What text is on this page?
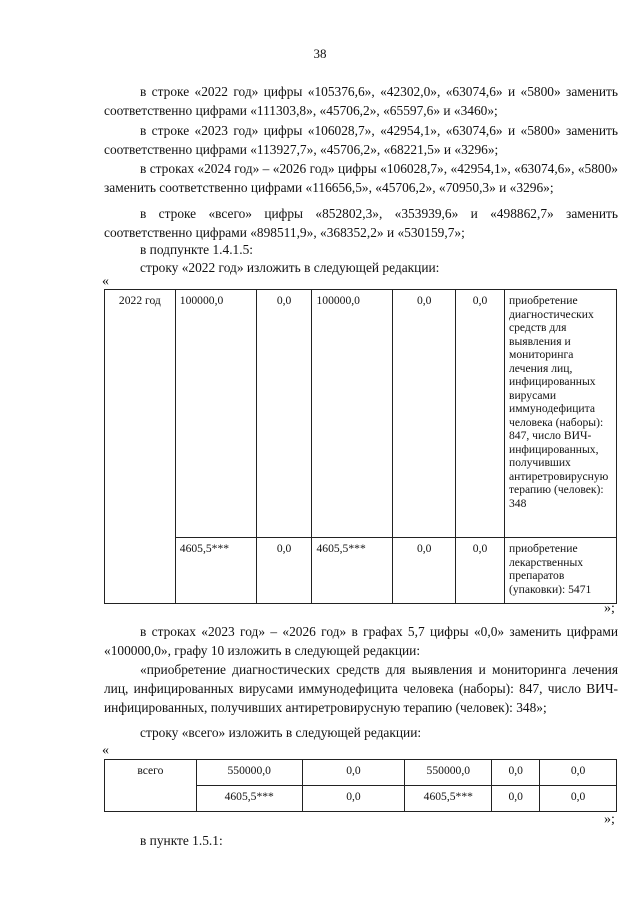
38
в строке «2022 год» цифры «105376,6», «42302,0», «63074,6» и «5800» заменить соответственно цифрами «111303,8», «45706,2», «65597,6» и «3460»;
в строке «2023 год» цифры «106028,7», «42954,1», «63074,6» и «5800» заменить соответственно цифрами «113927,7», «45706,2», «68221,5» и «3296»;
в строках «2024 год» – «2026 год» цифры «106028,7», «42954,1», «63074,6», «5800» заменить соответственно цифрами «116656,5», «45706,2», «70950,3» и «3296»;
в строке «всего» цифры «852802,3», «353939,6» и «498862,7» заменить соответственно цифрами «898511,9», «368352,2» и «530159,7»;
в подпункте 1.4.1.5:
строку «2022 год» изложить в следующей редакции:
«
2022 год	100000,0	0,0	100000,0	0,0	0,0	приобретение диагностических средств для выявления и мониторинга лечения лиц, инфицированных вирусами иммунодефицита человека (наборы): 847, число ВИЧ-инфицированных, получивших антиретровирусную терапию (человек): 348
	4605,5***	0,0	4605,5***	0,0	0,0	приобретение лекарственных препаратов (упаковки): 5471
»;
в строках «2023 год» – «2026 год» в графах 5,7 цифры «0,0» заменить цифрами «100000,0», графу 10 изложить в следующей редакции:
«приобретение диагностических средств для выявления и мониторинга лечения лиц, инфицированных вирусами иммунодефицита человека (наборы): 847, число ВИЧ-инфицированных, получивших антиретровирусную терапию (человек): 348»;
строку «всего» изложить в следующей редакции:
«
всего	550000,0	0,0	550000,0	0,0	0,0
	4605,5***	0,0	4605,5***	0,0	0,0
»;
в пункте 1.5.1:
